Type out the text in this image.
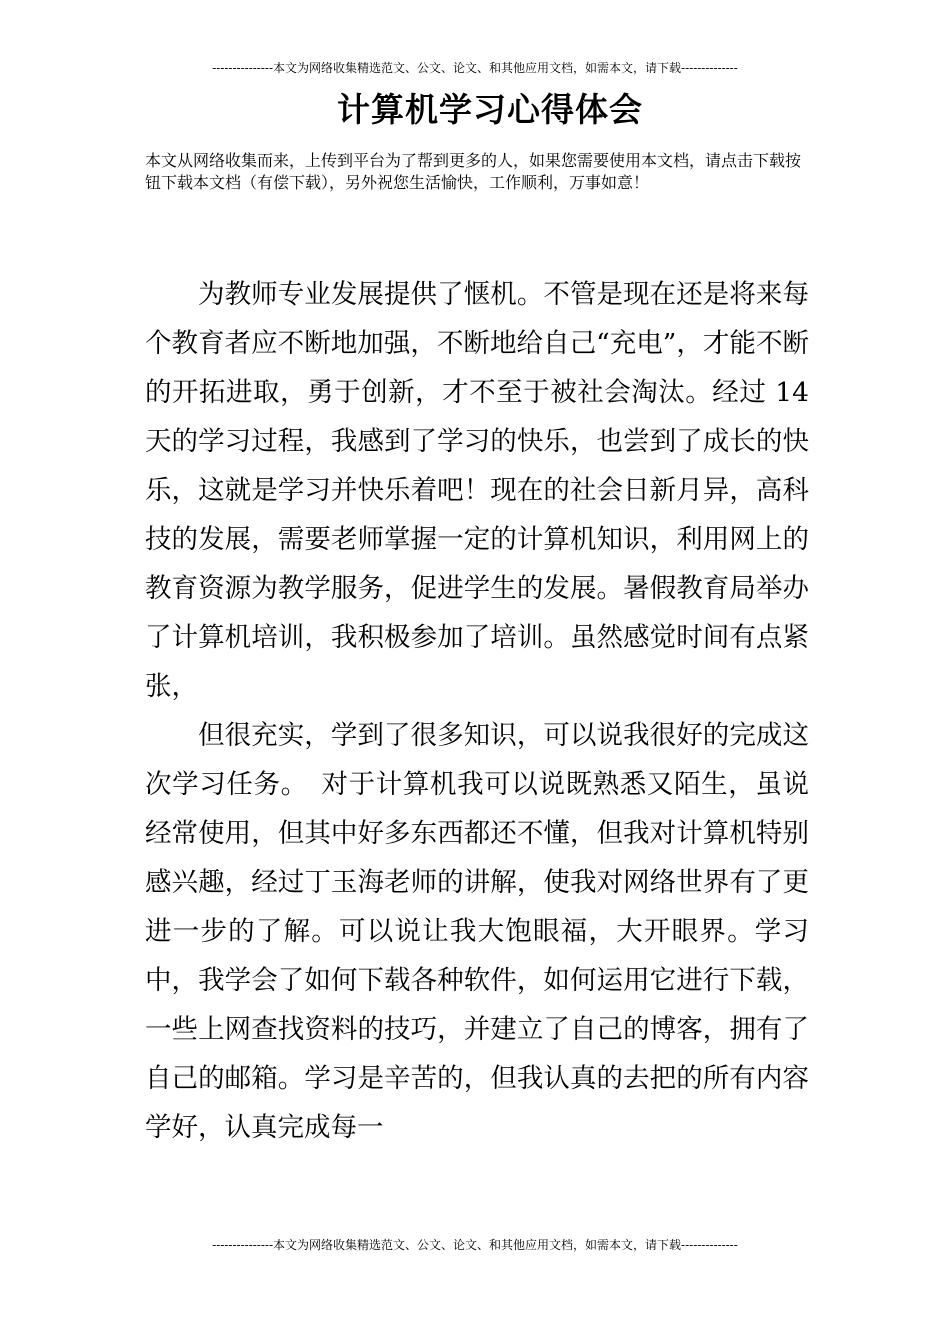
---------------本文为网络收集精选范文、公文、论文、和其他应用文档，如需本文，请下载--------------
计算机学习心得体会

本文从网络收集而来，上传到平台为了帮到更多的人，如果您需要使用本文档，请点击下载按钮下载本文档（有偿下载），另外祝您生活愉快，工作顺利，万事如意！

为教师专业发展提供了惬机。不管是现在还是将来每个教育者应不断地加强，不断地给自己“充电”，才能不断的开拓进取，勇于创新，才不至于被社会淘汰。经过 14 天的学习过程，我感到了学习的快乐，也尝到了成长的快乐，这就是学习并快乐着吧！现在的社会日新月异，高科技的发展，需要老师掌握一定的计算机知识，利用网上的教育资源为教学服务，促进学生的发展。暑假教育局举办了计算机培训，我积极参加了培训。虽然感觉时间有点紧张，

但很充实，学到了很多知识，可以说我很好的完成这次学习任务。　对于计算机我可以说既熟悉又陌生，虽说经常使用，但其中好多东西都还不懂，但我对计算机特别感兴趣，经过丁玉海老师的讲解，使我对网络世界有了更进一步的了解。可以说让我大饱眼福，大开眼界。学习中，我学会了如何下载各种软件，如何运用它进行下载，一些上网查找资料的技巧，并建立了自己的博客，拥有了自己的邮箱。学习是辛苦的，但我认真的去把的所有内容学好，认真完成每一

---------------本文为网络收集精选范文、公文、论文、和其他应用文档，如需本文，请下载--------------
